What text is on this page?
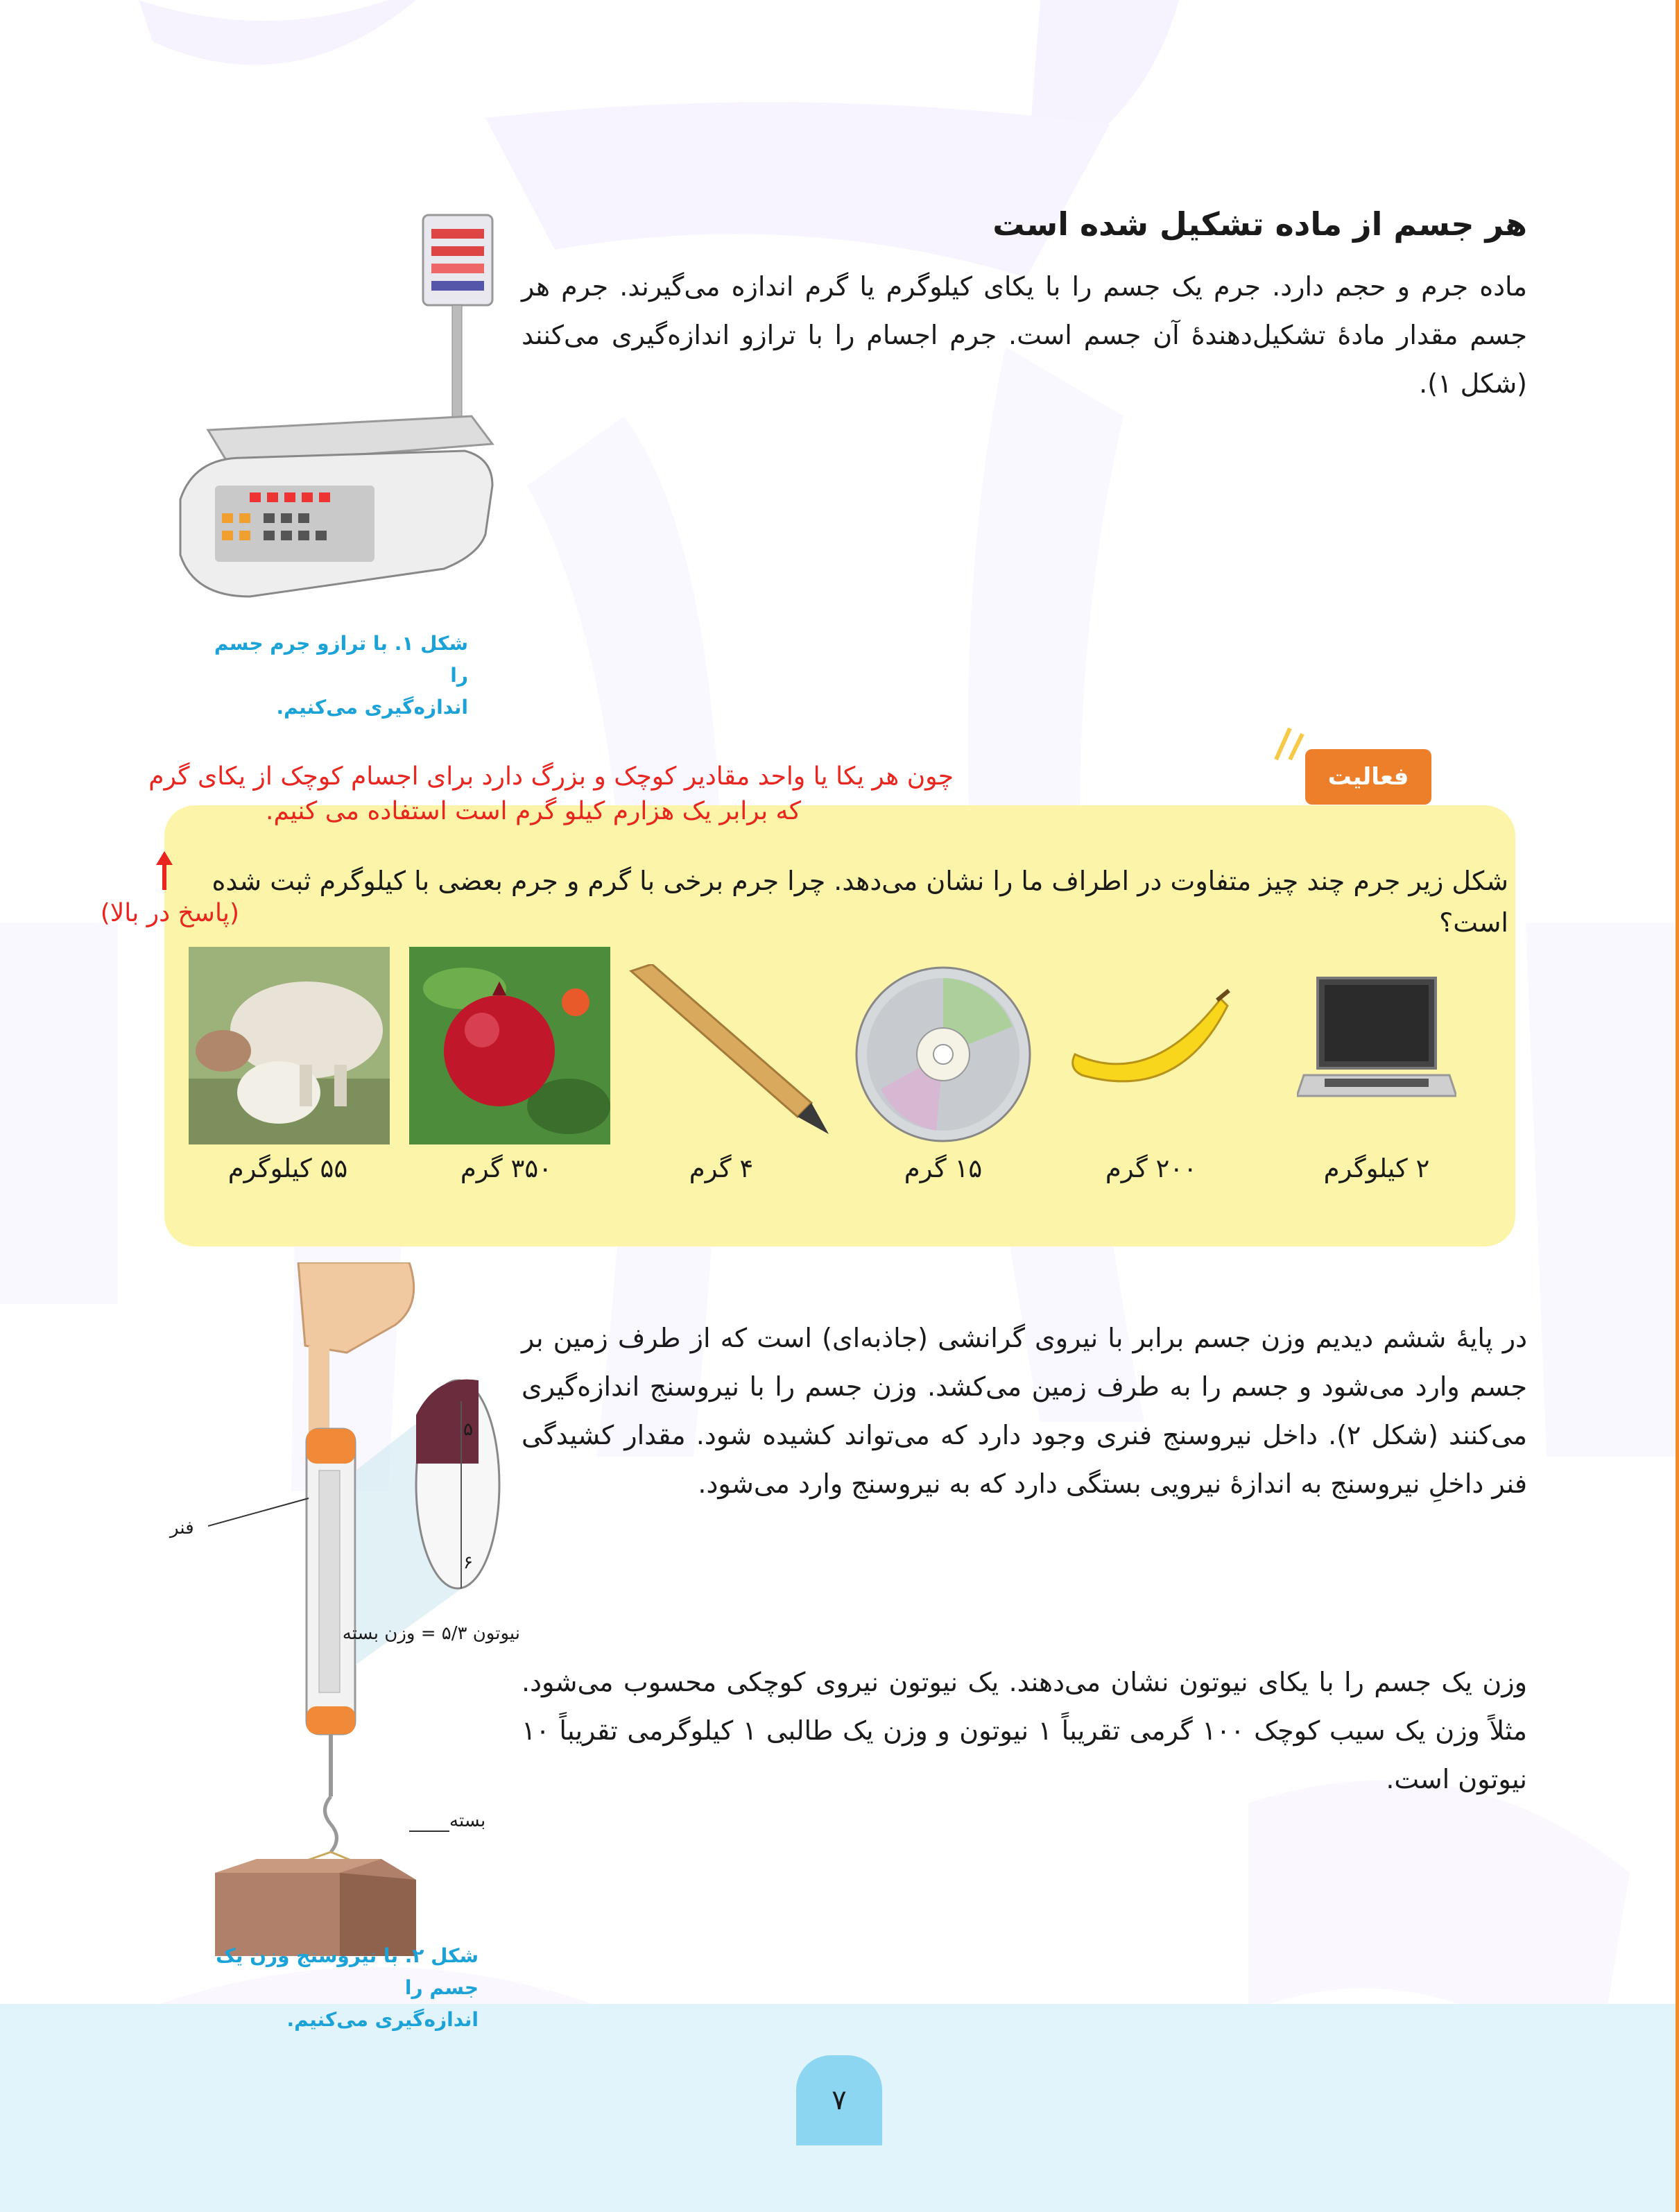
هر جسم از ماده تشکیل شده است
ماده جرم و حجم دارد. جرم یک جسم را با یکای کیلوگرم یا گرم اندازه می‌گیرند. جرم هر جسم مقدار مادۀ تشکیل‌دهندۀ آن جسم است. جرم اجسام را با ترازو اندازه‌گیری می‌کنند (شکل ۱).
شکل ۱. با ترازو جرم جسم را
اندازه‌گیری می‌کنیم.
فعالیت
چون هر یکا یا واحد مقادیر کوچک و بزرگ دارد برای اجسام کوچک از یکای گرم
که برابر یک هزارم کیلو گرم است استفاده می کنیم.
شکل زیر جرم چند چیز متفاوت در اطراف ما را نشان می‌دهد. چرا جرم برخی با گرم و جرم بعضی با کیلوگرم ثبت شده است؟
(پاسخ در بالا)
۲ کیلوگرم
۲۰۰ گرم
۱۵ گرم
۴ گرم
۳۵۰ گرم
۵۵ کیلوگرم
در پایۀ ششم دیدیم وزن جسم برابر با نیروی گرانشی (جاذبه‌ای) است که از طرف زمین بر جسم وارد می‌شود و جسم را به طرف زمین می‌کشد. وزن جسم را با نیروسنج اندازه‌گیری می‌کنند (شکل ۲). داخل نیروسنج فنری وجود دارد که می‌تواند کشیده شود. مقدار کشیدگی فنر داخلِ نیروسنج به اندازۀ نیرویی بستگی دارد که به نیروسنج وارد می‌شود.
وزن یک جسم را با یکای نیوتون نشان می‌دهند. یک نیوتون نیروی کوچکی محسوب می‌شود. مثلاً وزن یک سیب کوچک ۱۰۰ گرمی تقریباً ۱ نیوتون و وزن یک طالبی ۱ کیلوگرمی تقریباً ۱۰ نیوتون است.
۵
۶
فنر
نیوتون ۵/۳ = وزن بسته
بسته
شکل ۲. با نیروسنج وزن یک جسم را
اندازه‌گیری می‌کنیم.
۷
